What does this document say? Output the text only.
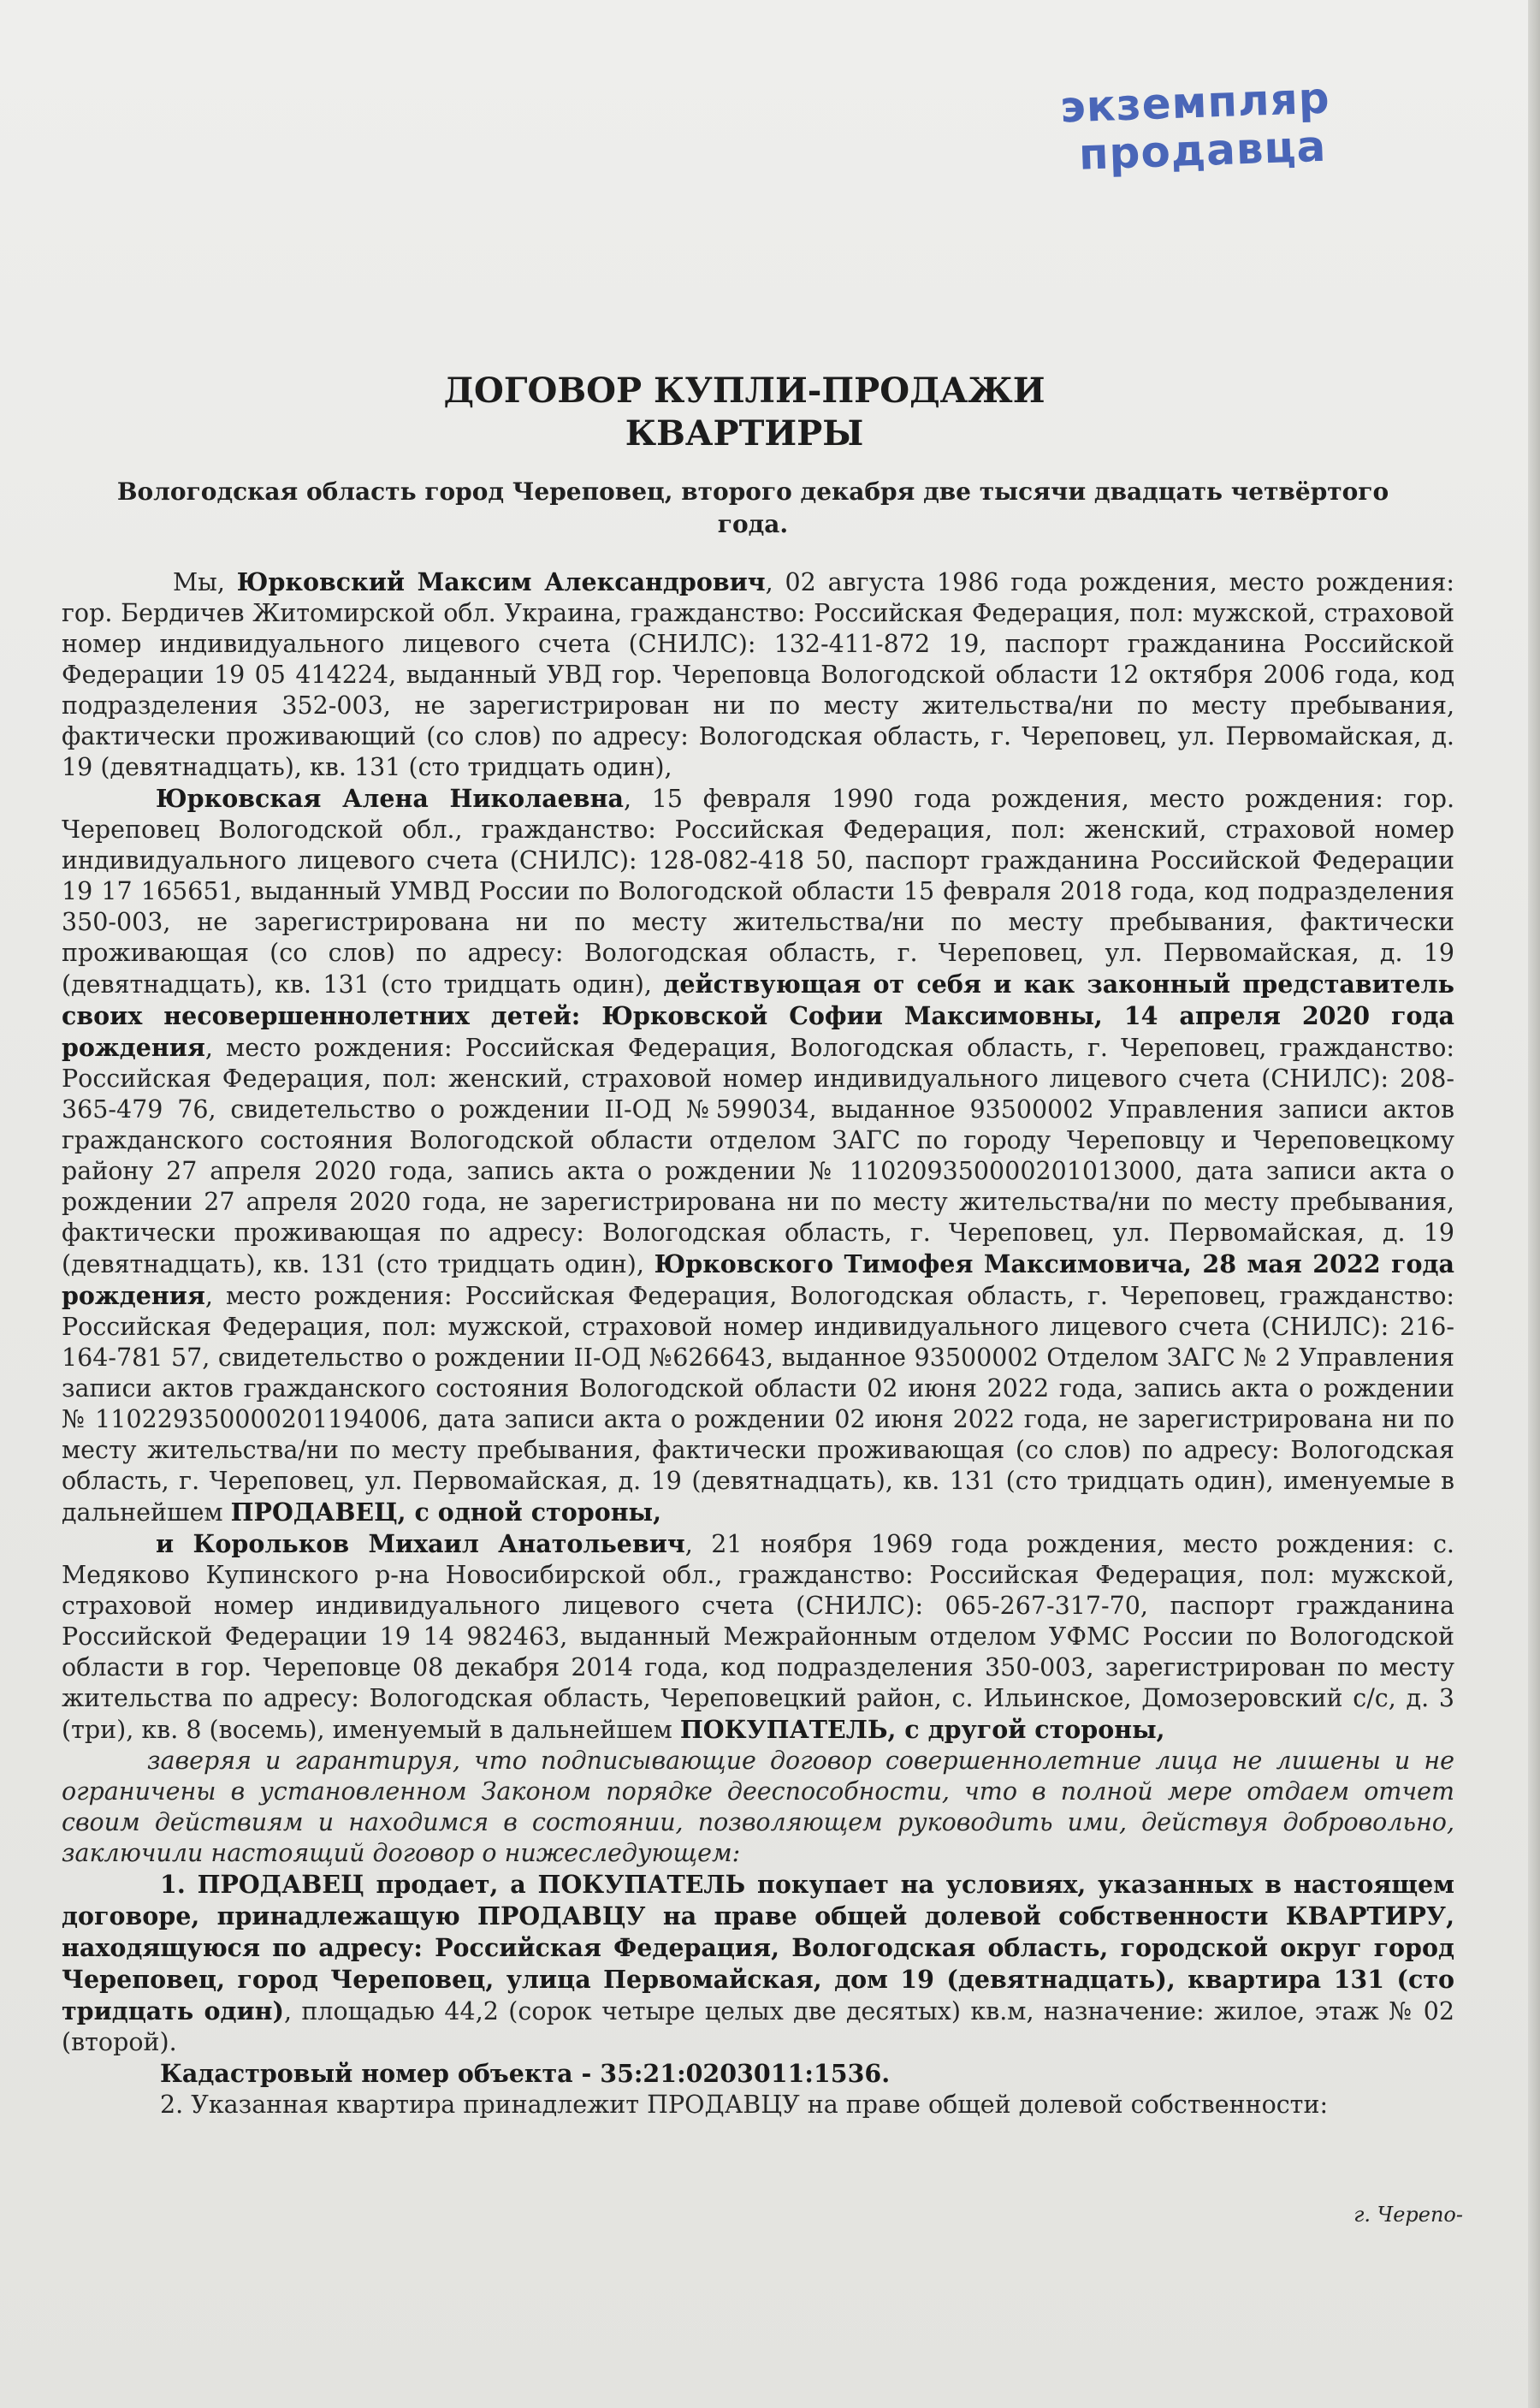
экземпляр
продавца
ДОГОВОР КУПЛИ-ПРОДАЖИ
КВАРТИРЫ
Вологодская область город Череповец, второго декабря две тысячи двадцать четвёртого года.

Мы, Юрковский Максим Александрович, 02 августа 1986 года рождения, место рождения: гор. Бердичев Житомирской обл. Украина, гражданство: Российская Федерация, пол: мужской, страховой номер индивидуального лицевого счета (СНИЛС): 132-411-872 19, паспорт гражданина Российской Федерации 19 05 414224, выданный УВД гор. Череповца Вологодской области 12 октября 2006 года, код подразделения 352-003, не зарегистрирован ни по месту жительства/ни по месту пребывания, фактически проживающий (со слов) по адресу: Вологодская область, г. Череповец, ул. Первомайская, д. 19 (девятнадцать), кв. 131 (сто тридцать один),

Юрковская Алена Николаевна, 15 февраля 1990 года рождения, место рождения: гор. Череповец Вологодской обл., гражданство: Российская Федерация, пол: женский, страховой номер индивидуального лицевого счета (СНИЛС): 128-082-418 50, паспорт гражданина Российской Федерации 19 17 165651, выданный УМВД России по Вологодской области 15 февраля 2018 года, код подразделения 350-003, не зарегистрирована ни по месту жительства/ни по месту пребывания, фактически проживающая (со слов) по адресу: Вологодская область, г. Череповец, ул. Первомайская, д. 19 (девятнадцать), кв. 131 (сто тридцать один), действующая от себя и как законный представитель своих несовершеннолетних детей: Юрковской Софии Максимовны, 14 апреля 2020 года рождения, место рождения: Российская Федерация, Вологодская область, г. Череповец, гражданство: Российская Федерация, пол: женский, страховой номер индивидуального лицевого счета (СНИЛС): 208-365-479 76, свидетельство о рождении II-ОД №599034, выданное 93500002 Управления записи актов гражданского состояния Вологодской области отделом ЗАГС по городу Череповцу и Череповецкому району 27 апреля 2020 года, запись акта о рождении № 110209350000201013000, дата записи акта о рождении 27 апреля 2020 года, не зарегистрирована ни по месту жительства/ни по месту пребывания, фактически проживающая по адресу: Вологодская область, г. Череповец, ул. Первомайская, д. 19 (девятнадцать), кв. 131 (сто тридцать один), Юрковского Тимофея Максимовича, 28 мая 2022 года рождения, место рождения: Российская Федерация, Вологодская область, г. Череповец, гражданство: Российская Федерация, пол: мужской, страховой номер индивидуального лицевого счета (СНИЛС): 216-164-781 57, свидетельство о рождении II-ОД №626643, выданное 93500002 Отделом ЗАГС № 2 Управления записи актов гражданского состояния Вологодской области 02 июня 2022 года, запись акта о рождении № 110229350000201194006, дата записи акта о рождении 02 июня 2022 года, не зарегистрирована ни по месту жительства/ни по месту пребывания, фактически проживающая (со слов) по адресу: Вологодская область, г. Череповец, ул. Первомайская, д. 19 (девятнадцать), кв. 131 (сто тридцать один), именуемые в дальнейшем ПРОДАВЕЦ, с одной стороны,

и Корольков Михаил Анатольевич, 21 ноября 1969 года рождения, место рождения: с. Медяково Купинского р-на Новосибирской обл., гражданство: Российская Федерация, пол: мужской, страховой номер индивидуального лицевого счета (СНИЛС): 065-267-317-70, паспорт гражданина Российской Федерации 19 14 982463, выданный Межрайонным отделом УФМС России по Вологодской области в гор. Череповце 08 декабря 2014 года, код подразделения 350-003, зарегистрирован по месту жительства по адресу: Вологодская область, Череповецкий район, с. Ильинское, Домозеровский с/с, д. 3 (три), кв. 8 (восемь), именуемый в дальнейшем ПОКУПАТЕЛЬ, с другой стороны,

заверяя и гарантируя, что подписывающие договор совершеннолетние лица не лишены и не ограничены в установленном Законом порядке дееспособности, что в полной мере отдаем отчет своим действиям и находимся в состоянии, позволяющем руководить ими, действуя добровольно, заключили настоящий договор о нижеследующем:

1. ПРОДАВЕЦ продает, а ПОКУПАТЕЛЬ покупает на условиях, указанных в настоящем договоре, принадлежащую ПРОДАВЦУ на праве общей долевой собственности КВАРТИРУ, находящуюся по адресу: Российская Федерация, Вологодская область, городской округ город Череповец, город Череповец, улица Первомайская, дом 19 (девятнадцать), квартира 131 (сто тридцать один), площадью 44,2 (сорок четыре целых две десятых) кв.м, назначение: жилое, этаж № 02 (второй).

Кадастровый номер объекта - 35:21:0203011:1536.

2. Указанная квартира принадлежит ПРОДАВЦУ на праве общей долевой собственности:

г. Черепо-
